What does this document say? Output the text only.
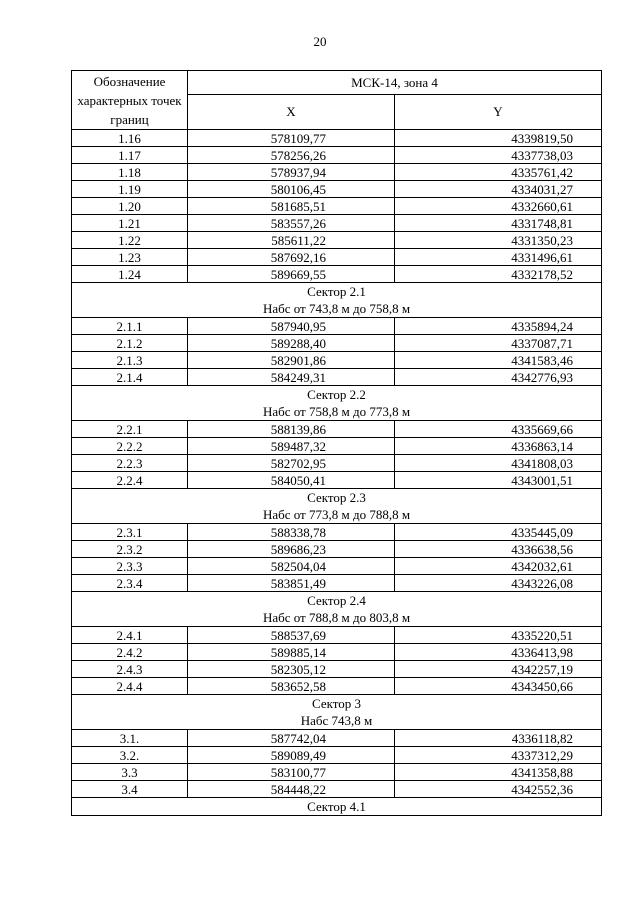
20
Обозначение характерных точек границ	МСК-14, зона 4	
	X	Y
1.16	578109,77	4339819,50
1.17	578256,26	4337738,03
1.18	578937,94	4335761,42
1.19	580106,45	4334031,27
1.20	581685,51	4332660,61
1.21	583557,26	4331748,81
1.22	585611,22	4331350,23
1.23	587692,16	4331496,61
1.24	589669,55	4332178,52

Сектор 2.1
Набс от 743,8 м до 758,8 м		

2.1.1	587940,95	4335894,24
2.1.2	589288,40	4337087,71
2.1.3	582901,86	4341583,46
2.1.4	584249,31	4342776,93

Сектор 2.2
Набс от 758,8 м до 773,8 м		

2.2.1	588139,86	4335669,66
2.2.2	589487,32	4336863,14
2.2.3	582702,95	4341808,03
2.2.4	584050,41	4343001,51

Сектор 2.3
Набс от 773,8 м до 788,8 м		

2.3.1	588338,78	4335445,09
2.3.2	589686,23	4336638,56
2.3.3	582504,04	4342032,61
2.3.4	583851,49	4343226,08

Сектор 2.4
Набс от 788,8 м до 803,8 м		

2.4.1	588537,69	4335220,51
2.4.2	589885,14	4336413,98
2.4.3	582305,12	4342257,19
2.4.4	583652,58	4343450,66

Сектор 3
Набс 743,8 м		

3.1.	587742,04	4336118,82
3.2.	589089,49	4337312,29
3.3	583100,77	4341358,88
3.4	584448,22	4342552,36

Сектор 4.1		
